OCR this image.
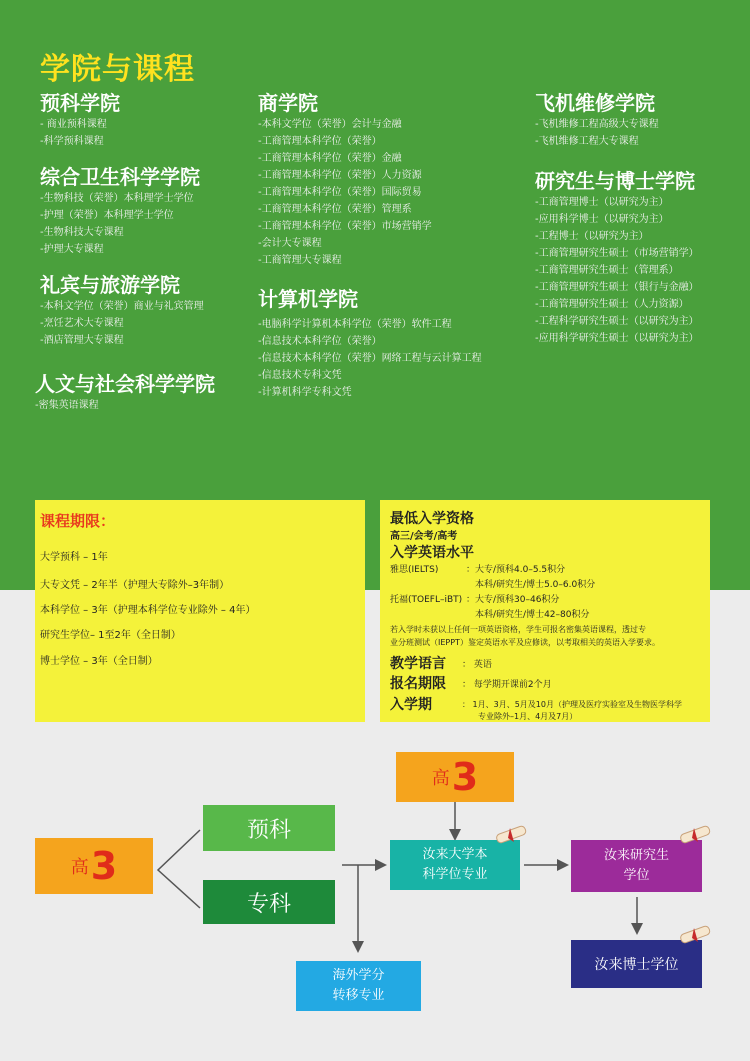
学院与课程
预科学院
- 商业预科课程
-科学预科课程
综合卫生科学学院
-生物科技（荣誉）本科理学士学位
-护理（荣誉）本科理学士学位
-生物科技大专课程
-护理大专课程
礼宾与旅游学院
-本科文学位（荣誉）商业与礼宾管理
-烹饪艺术大专课程
-酒店管理大专课程
人文与社会科学学院
-密集英语课程
商学院
-本科文学位（荣誉）会计与金融
-工商管理本科学位（荣誉）
-工商管理本科学位（荣誉）金融
-工商管理本科学位（荣誉）人力资源
-工商管理本科学位（荣誉）国际贸易
-工商管理本科学位（荣誉）管理系
-工商管理本科学位（荣誉）市场营销学
-会计大专课程
-工商管理大专课程
计算机学院
-电脑科学计算机本科学位（荣誉）软件工程
-信息技术本科学位（荣誉）
-信息技术本科学位（荣誉）网络工程与云计算工程
-信息技术专科文凭
-计算机科学专科文凭
飞机维修学院
-飞机维修工程高级大专课程
-飞机维修工程大专课程
研究生与博士学院
-工商管理博士（以研究为主）
-应用科学博士（以研究为主）
-工程博士（以研究为主）
-工商管理研究生硕士（市场营销学）
-工商管理研究生硕士（管理系）
-工商管理研究生硕士（银行与金融）
-工商管理研究生硕士（人力资源）
-工程科学研究生硕士（以研究为主）
-应用科学研究生硕士（以研究为主）
课程期限：
大学预科 – 1年
大专文凭 – 2年半（护理大专除外–3年制）
本科学位 – 3年（护理本科学位专业除外 – 4年）
研究生学位– 1至2年（全日制）
博士学位 – 3年（全日制）
最低入学资格
高三/会考/高考
入学英语水平
雅思(IELTS)	：大专/预科4.0–5.5积分
本科/研究生/博士5.0–6.0积分
托福(TOEFL–iBT) ：大专/预科30–46积分
本科/研究生/博士42–80积分
若入学时未获以上任何一项英语资格，学生可报名密集英语课程，透过专
业分班测试（IEPPT）鉴定英语水平及应修读，以考取相关的英语入学要求。
教学语言 ： 英语
报名期限 ： 每学期开课前2个月
入学期	： 1月、3月、5月及10月（护理及医疗实验室及生物医学科学
专业除外–1月、4月及7月）
高 3
预科
专科
高 3
汝来大学本
科学位专业
海外学分
转移专业
汝来研究生
学位
汝来博士学位
